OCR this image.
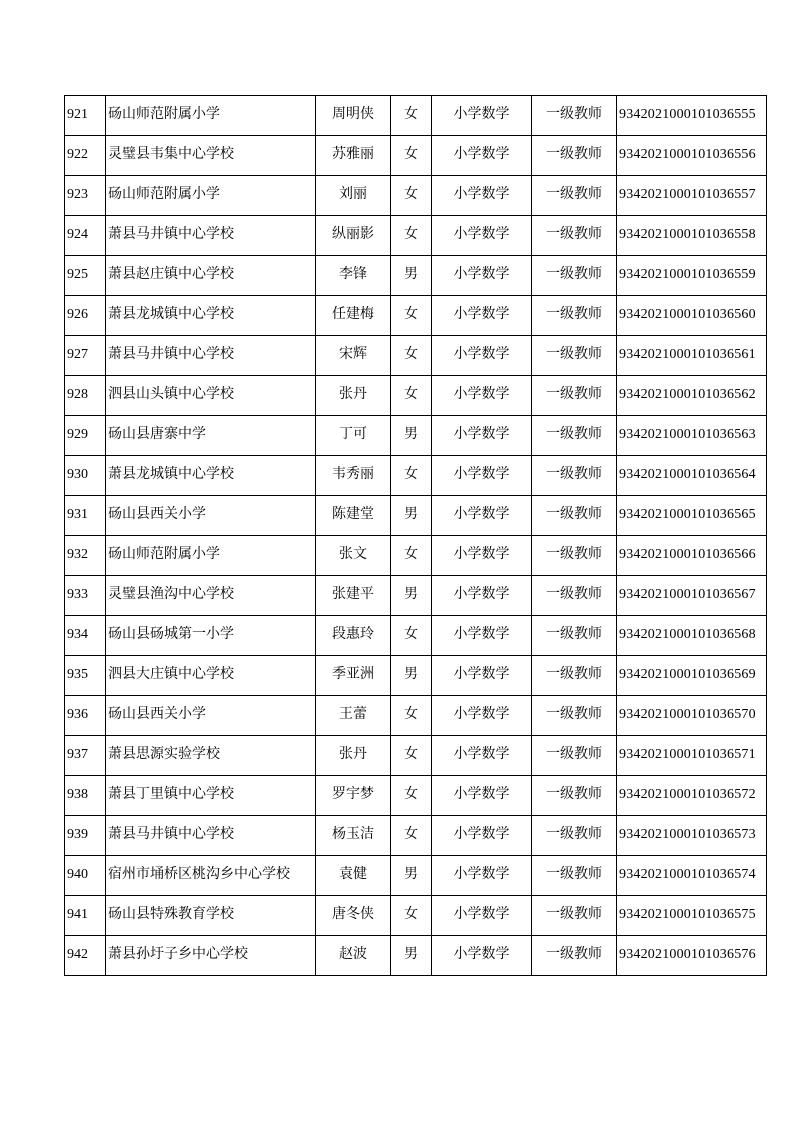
921	砀山师范附属小学	周明侠	女	小学数学	一级教师	9342021000101036555
922	灵璧县韦集中心学校	苏雅丽	女	小学数学	一级教师	9342021000101036556
923	砀山师范附属小学	刘丽	女	小学数学	一级教师	9342021000101036557
924	萧县马井镇中心学校	纵丽影	女	小学数学	一级教师	9342021000101036558
925	萧县赵庄镇中心学校	李锋	男	小学数学	一级教师	9342021000101036559
926	萧县龙城镇中心学校	任建梅	女	小学数学	一级教师	9342021000101036560
927	萧县马井镇中心学校	宋辉	女	小学数学	一级教师	9342021000101036561
928	泗县山头镇中心学校	张丹	女	小学数学	一级教师	9342021000101036562
929	砀山县唐寨中学	丁可	男	小学数学	一级教师	9342021000101036563
930	萧县龙城镇中心学校	韦秀丽	女	小学数学	一级教师	9342021000101036564
931	砀山县西关小学	陈建堂	男	小学数学	一级教师	9342021000101036565
932	砀山师范附属小学	张文	女	小学数学	一级教师	9342021000101036566
933	灵璧县渔沟中心学校	张建平	男	小学数学	一级教师	9342021000101036567
934	砀山县砀城第一小学	段惠玲	女	小学数学	一级教师	9342021000101036568
935	泗县大庄镇中心学校	季亚洲	男	小学数学	一级教师	9342021000101036569
936	砀山县西关小学	王蕾	女	小学数学	一级教师	9342021000101036570
937	萧县思源实验学校	张丹	女	小学数学	一级教师	9342021000101036571
938	萧县丁里镇中心学校	罗宇梦	女	小学数学	一级教师	9342021000101036572
939	萧县马井镇中心学校	杨玉洁	女	小学数学	一级教师	9342021000101036573
940	宿州市埇桥区桃沟乡中心学校	袁健	男	小学数学	一级教师	9342021000101036574
941	砀山县特殊教育学校	唐冬侠	女	小学数学	一级教师	9342021000101036575
942	萧县孙圩子乡中心学校	赵波	男	小学数学	一级教师	9342021000101036576
